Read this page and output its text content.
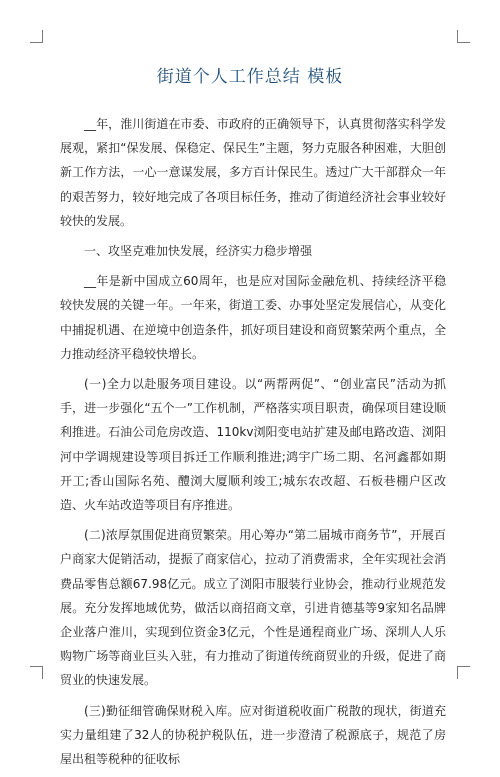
街道个人工作总结 模板

__年，淮川街道在市委、市政府的正确领导下，认真贯彻落实科学发展观，紧扣“保发展、保稳定、保民生”主题，努力克服各种困难，大胆创新工作方法，一心一意谋发展，多方百计保民生。透过广大干部群众一年的艰苦努力，较好地完成了各项目标任务，推动了街道经济社会事业较好较快的发展。

一、攻坚克难加快发展，经济实力稳步增强

__年是新中国成立60周年，也是应对国际金融危机、持续经济平稳较快发展的关键一年。一年来，街道工委、办事处坚定发展信心，从变化中捕捉机遇、在逆境中创造条件，抓好项目建设和商贸繁荣两个重点，全力推动经济平稳较快增长。

(一)全力以赴服务项目建设。以“两帮两促”、“创业富民”活动为抓手，进一步强化“五个一”工作机制，严格落实项目职责，确保项目建设顺利推进。石油公司危房改造、110kv浏阳变电站扩建及邮电路改造、浏阳河中学调规建设等项目拆迁工作顺利推进;鸿宇广场二期、名河鑫都如期开工;香山国际名苑、醴浏大厦顺利竣工;城东农改超、石板巷棚户区改造、火车站改造等项目有序推进。

(二)浓厚氛围促进商贸繁荣。用心筹办“第二届城市商务节”，开展百户商家大促销活动，提振了商家信心，拉动了消费需求，全年实现社会消费品零售总额67.98亿元。成立了浏阳市服装行业协会，推动行业规范发展。充分发挥地域优势，做活以商招商文章，引进肯德基等9家知名品牌企业落户淮川，实现到位资金3亿元，个性是通程商业广场、深圳人人乐购物广场等商业巨头入驻，有力推动了街道传统商贸业的升级，促进了商贸业的快速发展。

(三)勤征细管确保财税入库。应对街道税收面广税散的现状，街道充实力量组建了32人的协税护税队伍，进一步澄清了税源底子，规范了房屋出租等税种的征收标
